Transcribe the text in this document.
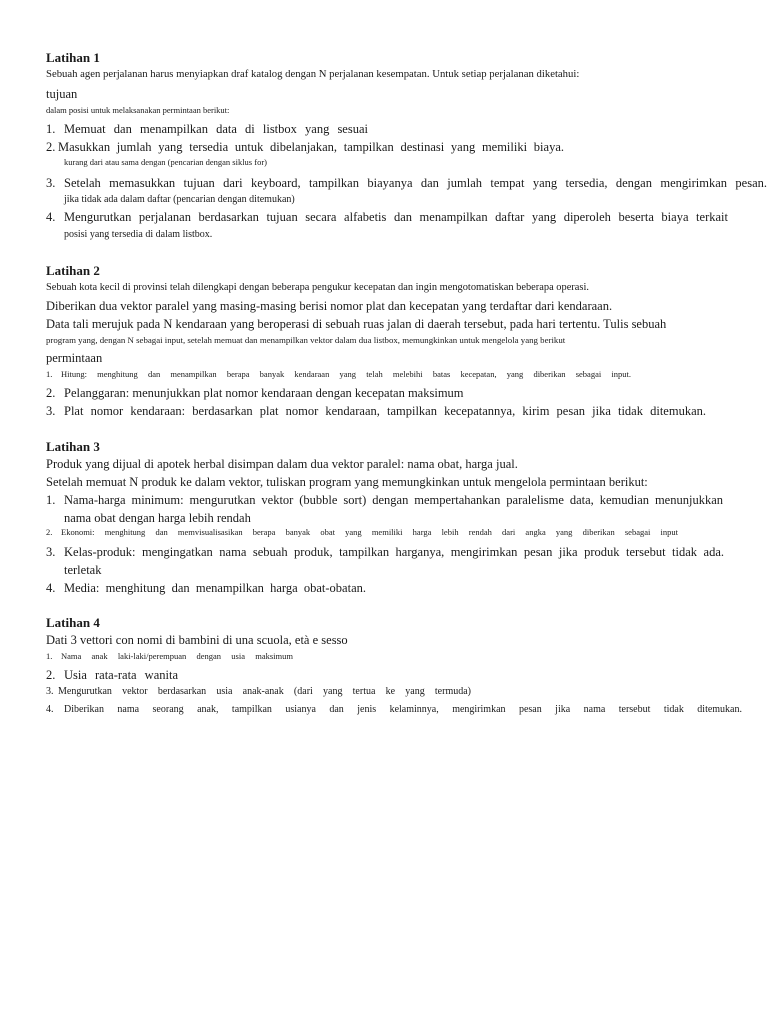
Latihan 1
Sebuah agen perjalanan harus menyiapkan draf katalog dengan N perjalanan kesempatan. Untuk setiap perjalanan diketahui:
tujuan
dalam posisi untuk melaksanakan permintaan berikut:
1. Memuat dan menampilkan data di listbox yang sesuai
2. Masukkan jumlah yang tersedia untuk dibelanjakan, tampilkan destinasi yang memiliki biaya.
kurang dari atau sama dengan (pencarian dengan siklus for)
3. Setelah memasukkan tujuan dari keyboard, tampilkan biayanya dan jumlah tempat yang tersedia, dengan mengirimkan pesan.
jika tidak ada dalam daftar (pencarian dengan ditemukan)
4. Mengurutkan perjalanan berdasarkan tujuan secara alfabetis dan menampilkan daftar yang diperoleh beserta biaya terkait
posisi yang tersedia di dalam listbox.
Latihan 2
Sebuah kota kecil di provinsi telah dilengkapi dengan beberapa pengukur kecepatan dan ingin mengotomatiskan beberapa operasi.
Diberikan dua vektor paralel yang masing-masing berisi nomor plat dan kecepatan yang terdaftar dari kendaraan.
Data tali merujuk pada N kendaraan yang beroperasi di sebuah ruas jalan di daerah tersebut, pada hari tertentu. Tulis sebuah
program yang, dengan N sebagai input, setelah memuat dan menampilkan vektor dalam dua listbox, memungkinkan untuk mengelola yang berikut
permintaan
1. Hitung: menghitung dan menampilkan berapa banyak kendaraan yang telah melebihi batas kecepatan, yang diberikan sebagai input.
2. Pelanggaran: menunjukkan plat nomor kendaraan dengan kecepatan maksimum
3. Plat nomor kendaraan: berdasarkan plat nomor kendaraan, tampilkan kecepatannya, kirim pesan jika tidak ditemukan.
Latihan 3
Produk yang dijual di apotek herbal disimpan dalam dua vektor paralel: nama obat, harga jual.
Setelah memuat N produk ke dalam vektor, tuliskan program yang memungkinkan untuk mengelola permintaan berikut:
1. Nama-harga minimum: mengurutkan vektor (bubble sort) dengan mempertahankan paralelisme data, kemudian menunjukkan
nama obat dengan harga lebih rendah
2. Ekonomi: menghitung dan memvisualisasikan berapa banyak obat yang memiliki harga lebih rendah dari angka yang diberikan sebagai input
3. Kelas-produk: mengingatkan nama sebuah produk, tampilkan harganya, mengirimkan pesan jika produk tersebut tidak ada.
terletak
4. Media: menghitung dan menampilkan harga obat-obatan.
Latihan 4
Dati 3 vettori con nomi di bambini di una scuola, età e sesso
1. Nama anak laki-laki/perempuan dengan usia maksimum
2. Usia rata-rata wanita
3. Mengurutkan vektor berdasarkan usia anak-anak (dari yang tertua ke yang termuda)
4. Diberikan nama seorang anak, tampilkan usianya dan jenis kelaminnya, mengirimkan pesan jika nama tersebut tidak ditemukan.
